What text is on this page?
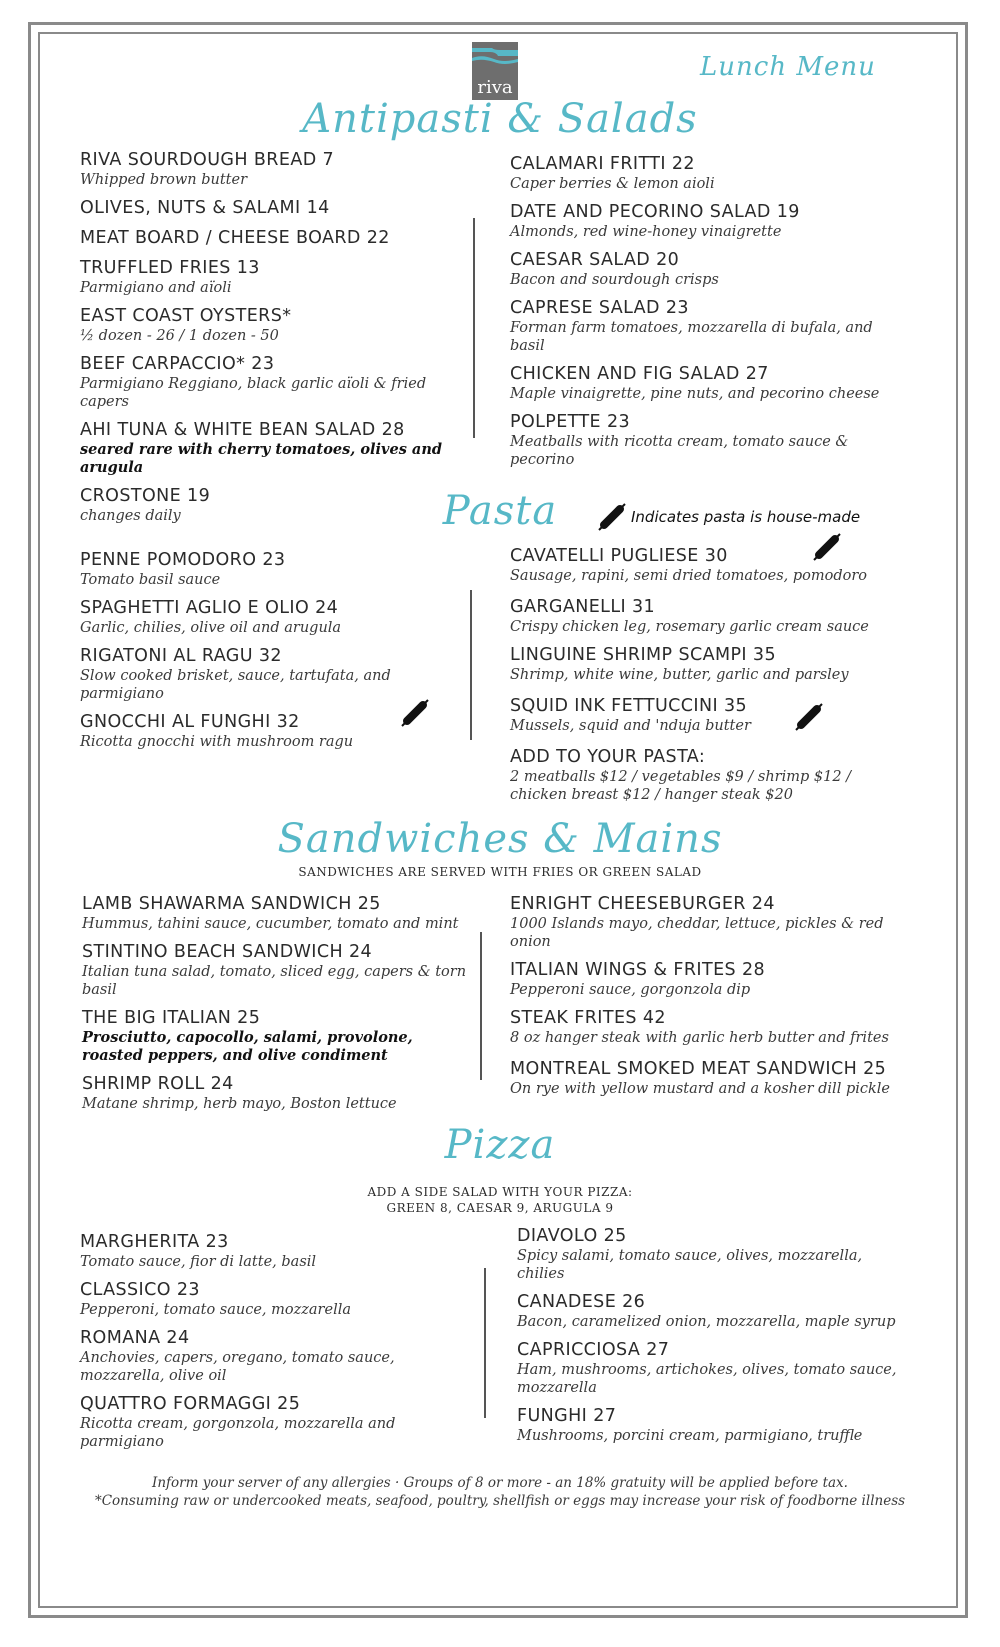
riva
Lunch Menu
Antipasti & Salads
RIVA SOURDOUGH BREAD 7
Whipped brown butter
OLIVES, NUTS & SALAMI 14
MEAT BOARD / CHEESE BOARD 22
TRUFFLED FRIES 13
Parmigiano and aïoli
EAST COAST OYSTERS*
½ dozen - 26 / 1 dozen - 50
BEEF CARPACCIO* 23
Parmigiano Reggiano, black garlic aïoli & fried capers
AHI TUNA & WHITE BEAN SALAD 28
seared rare with cherry tomatoes, olives and arugula
CROSTONE 19
changes daily
CALAMARI FRITTI 22
Caper berries & lemon aioli
DATE AND PECORINO SALAD 19
Almonds, red wine-honey vinaigrette
CAESAR SALAD 20
Bacon and sourdough crisps
CAPRESE SALAD 23
Forman farm tomatoes, mozzarella di bufala, and basil
CHICKEN AND FIG SALAD 27
Maple vinaigrette, pine nuts, and pecorino cheese
POLPETTE 23
Meatballs with ricotta cream, tomato sauce & pecorino
Pasta	Indicates pasta is house-made
PENNE POMODORO 23
Tomato basil sauce
SPAGHETTI AGLIO E OLIO 24
Garlic, chilies, olive oil and arugula
RIGATONI AL RAGU 32
Slow cooked brisket, sauce, tartufata, and parmigiano
GNOCCHI AL FUNGHI 32
Ricotta gnocchi with mushroom ragu
CAVATELLI PUGLIESE 30
Sausage, rapini, semi dried tomatoes, pomodoro
GARGANELLI 31
Crispy chicken leg, rosemary garlic cream sauce
LINGUINE SHRIMP SCAMPI 35
Shrimp, white wine, butter, garlic and parsley
SQUID INK FETTUCCINI 35
Mussels, squid and 'nduja butter
ADD TO YOUR PASTA:
2 meatballs $12 / vegetables $9 / shrimp $12 / chicken breast $12 / hanger steak $20
Sandwiches & Mains
SANDWICHES ARE SERVED WITH FRIES OR GREEN SALAD
LAMB SHAWARMA SANDWICH 25
Hummus, tahini sauce, cucumber, tomato and mint
STINTINO BEACH SANDWICH 24
Italian tuna salad, tomato, sliced egg, capers & torn basil
THE BIG ITALIAN 25
Prosciutto, capocollo, salami, provolone, roasted peppers, and olive condiment
SHRIMP ROLL 24
Matane shrimp, herb mayo, Boston lettuce
ENRIGHT CHEESEBURGER 24
1000 Islands mayo, cheddar, lettuce, pickles & red onion
ITALIAN WINGS & FRITES 28
Pepperoni sauce, gorgonzola dip
STEAK FRITES 42
8 oz hanger steak with garlic herb butter and frites
MONTREAL SMOKED MEAT SANDWICH 25
On rye with yellow mustard and a kosher dill pickle
Pizza
ADD A SIDE SALAD WITH YOUR PIZZA:
GREEN 8, CAESAR 9, ARUGULA 9
MARGHERITA 23
Tomato sauce, fior di latte, basil
CLASSICO 23
Pepperoni, tomato sauce, mozzarella
ROMANA 24
Anchovies, capers, oregano, tomato sauce, mozzarella, olive oil
QUATTRO FORMAGGI 25
Ricotta cream, gorgonzola, mozzarella and parmigiano
DIAVOLO 25
Spicy salami, tomato sauce, olives, mozzarella, chilies
CANADESE 26
Bacon, caramelized onion, mozzarella, maple syrup
CAPRICCIOSA 27
Ham, mushrooms, artichokes, olives, tomato sauce, mozzarella
FUNGHI 27
Mushrooms, porcini cream, parmigiano, truffle
Inform your server of any allergies · Groups of 8 or more - an 18% gratuity will be applied before tax.
*Consuming raw or undercooked meats, seafood, poultry, shellfish or eggs may increase your risk of foodborne illness
